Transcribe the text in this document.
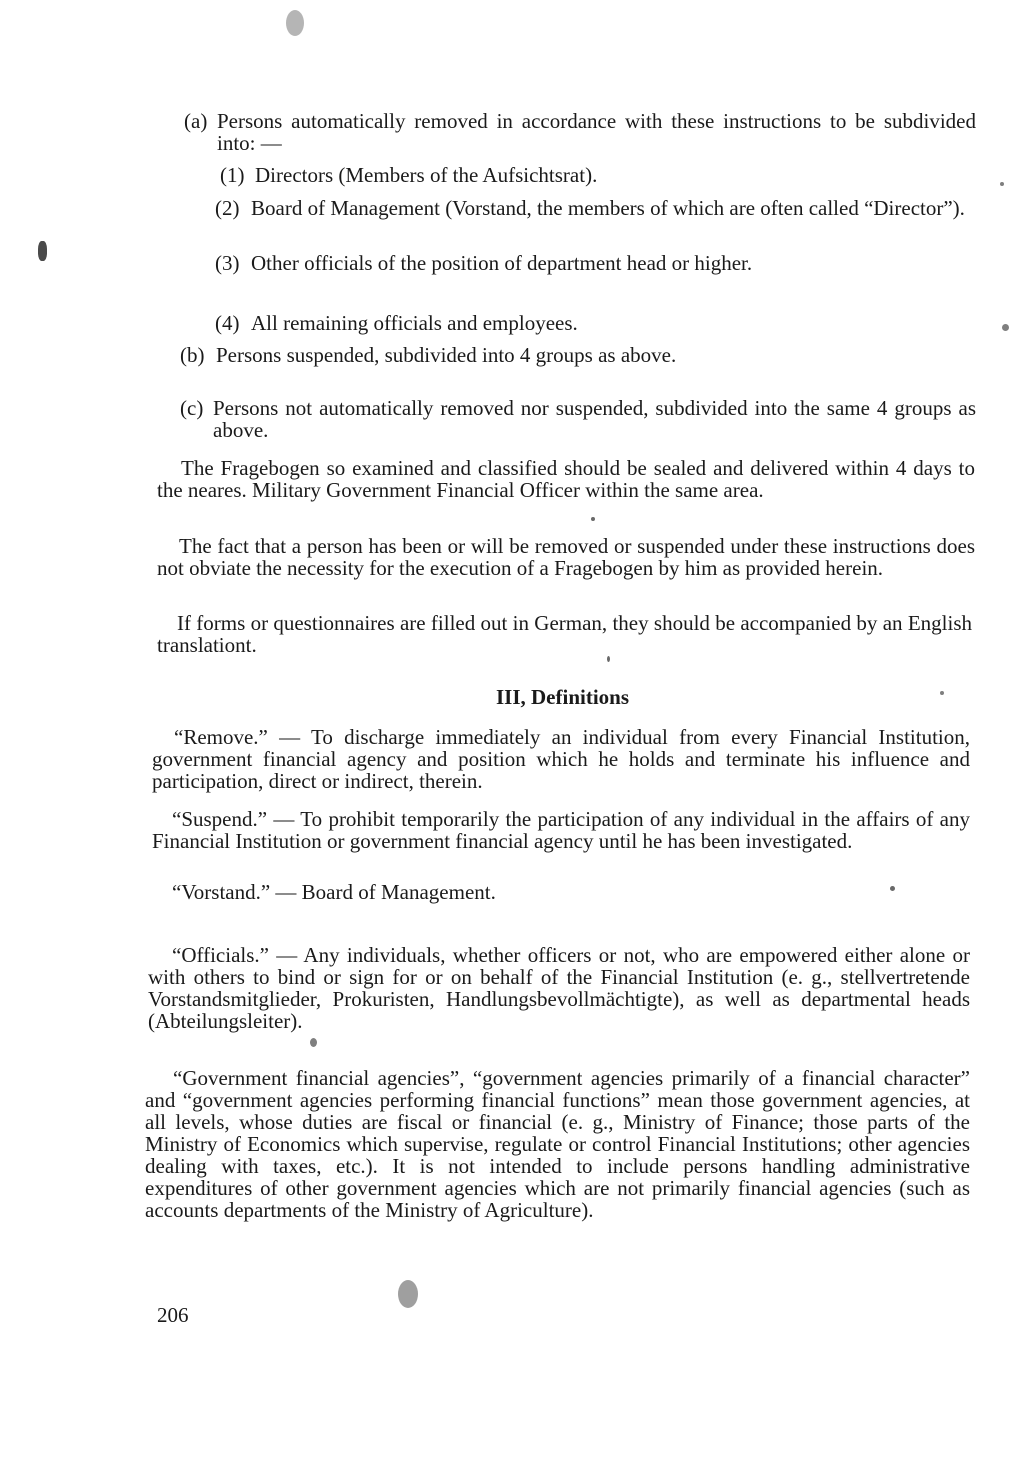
(a) Persons automatically removed in accordance with these instructions to be subdivided into: —
(1) Directors (Members of the Aufsichtsrat).
(2) Board of Management (Vorstand, the members of which are often called “Director”).
(3) Other officials of the position of department head or higher.
(4) All remaining officials and employees.
(b) Persons suspended, subdivided into 4 groups as above.
(c) Persons not automatically removed nor suspended, subdivided into the same 4 groups as above.
The Fragebogen so examined and classified should be sealed and delivered within 4 days to the neares. Military Government Financial Officer within the same area.
The fact that a person has been or will be removed or suspended under these instructions does not obviate the necessity for the execution of a Fragebogen by him as provided herein.
If forms or questionnaires are filled out in German, they should be accompanied by an English translationt.
III, Definitions
“Remove.” — To discharge immediately an individual from every Financial Institution, government financial agency and position which he holds and terminate his influence and participation, direct or indirect, therein.
“Suspend.” — To prohibit temporarily the participation of any individual in the affairs of any Financial Institution or government financial agency until he has been investigated.
“Vorstand.” — Board of Management.
“Officials.” — Any individuals, whether officers or not, who are empowered either alone or with others to bind or sign for or on behalf of the Financial Institution (e. g., stellvertretende Vorstandsmitglieder, Prokuristen, Handlungsbevollmächtigte), as well as departmental heads (Abteilungsleiter).
“Government financial agencies”, “government agencies primarily of a financial character” and “government agencies performing financial functions” mean those government agencies, at all levels, whose duties are fiscal or financial (e. g., Ministry of Finance; those parts of the Ministry of Economics which supervise, regulate or control Financial Institutions; other agencies dealing with taxes, etc.). It is not intended to include persons handling administrative expenditures of other government agencies which are not primarily financial agencies (such as accounts departments of the Ministry of Agriculture).
206
